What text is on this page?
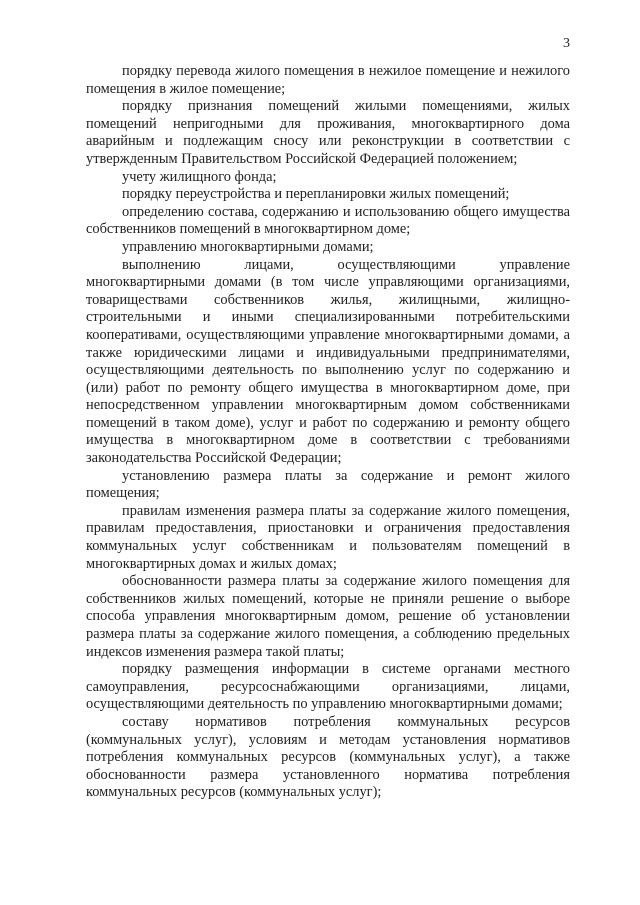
3

порядку перевода жилого помещения в нежилое помещение и нежилого помещения в жилое помещение;

порядку признания помещений жилыми помещениями, жилых помещений непригодными для проживания, многоквартирного дома аварийным и подлежащим сносу или реконструкции в соответствии с утвержденным Правительством Российской Федерацией положением;

учету жилищного фонда;

порядку переустройства и перепланировки жилых помещений;

определению состава, содержанию и использованию общего имущества собственников помещений в многоквартирном доме;

управлению многоквартирными домами;

выполнению лицами, осуществляющими управление многоквартирными домами (в том числе управляющими организациями, товариществами собственников жилья, жилищными, жилищно-строительными и иными специализированными потребительскими кооперативами, осуществляющими управление многоквартирными домами, а также юридическими лицами и индивидуальными предпринимателями, осуществляющими деятельность по выполнению услуг по содержанию и (или) работ по ремонту общего имущества в многоквартирном доме, при непосредственном управлении многоквартирным домом собственниками помещений в таком доме), услуг и работ по содержанию и ремонту общего имущества в многоквартирном доме в соответствии с требованиями законодательства Российской Федерации;

установлению размера платы за содержание и ремонт жилого помещения;

правилам изменения размера платы за содержание жилого помещения, правилам предоставления, приостановки и ограничения предоставления коммунальных услуг собственникам и пользователям помещений в многоквартирных домах и жилых домах;

обоснованности размера платы за содержание жилого помещения для собственников жилых помещений, которые не приняли решение о выборе способа управления многоквартирным домом, решение об установлении размера платы за содержание жилого помещения, а соблюдению предельных индексов изменения размера такой платы;

порядку размещения информации в системе органами местного самоуправления, ресурсоснабжающими организациями, лицами, осуществляющими деятельность по управлению многоквартирными домами;

составу нормативов потребления коммунальных ресурсов (коммунальных услуг), условиям и методам установления нормативов потребления коммунальных ресурсов (коммунальных услуг), а также обоснованности размера установленного норматива потребления коммунальных ресурсов (коммунальных услуг);
